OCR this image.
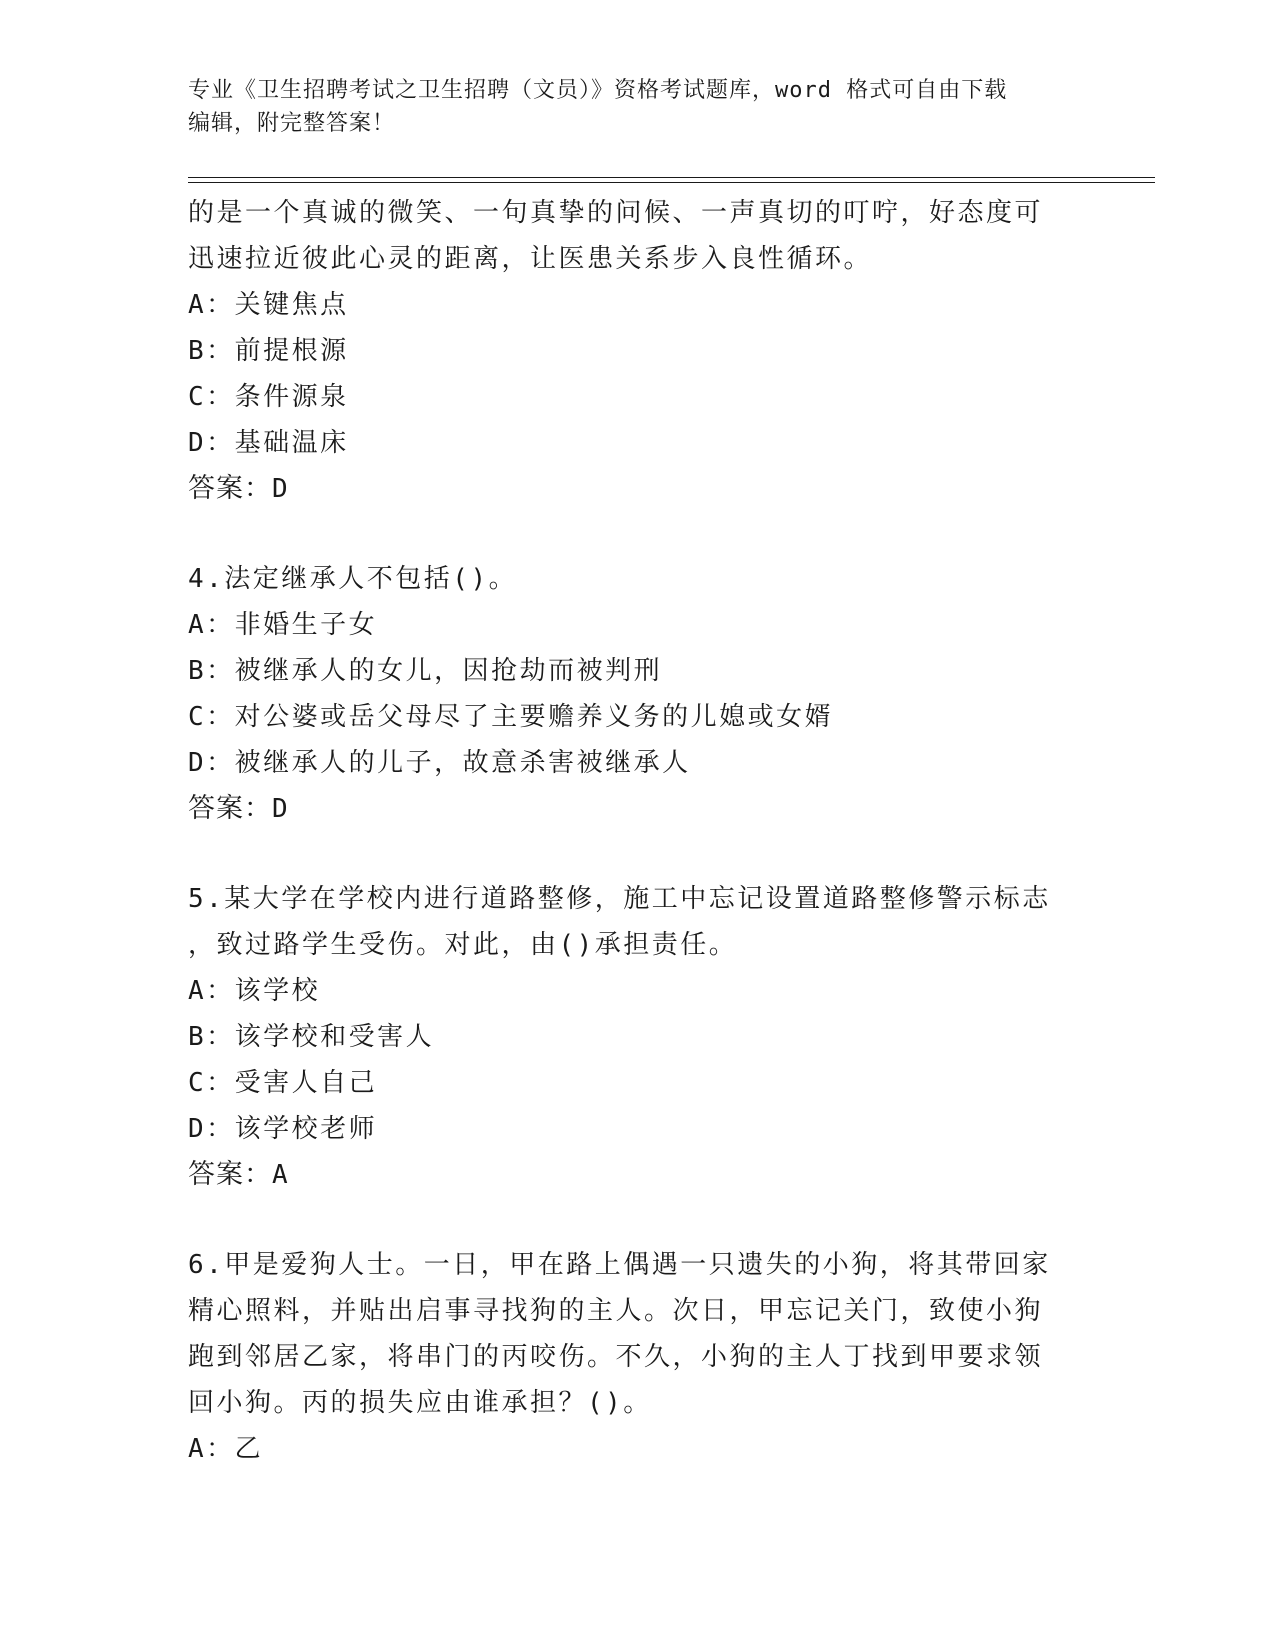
专业《卫生招聘考试之卫生招聘（文员）》资格考试题库，word 格式可自由下载
编辑，附完整答案！
的是一个真诚的微笑、一句真挚的问候、一声真切的叮咛，好态度可
迅速拉近彼此心灵的距离，让医患关系步入良性循环。
A：关键焦点
B：前提根源
C：条件源泉
D：基础温床
答案：D
4.法定继承人不包括()。
A：非婚生子女
B：被继承人的女儿，因抢劫而被判刑
C：对公婆或岳父母尽了主要赡养义务的儿媳或女婿
D：被继承人的儿子，故意杀害被继承人
答案：D
5.某大学在学校内进行道路整修，施工中忘记设置道路整修警示标志
，致过路学生受伤。对此，由()承担责任。
A：该学校
B：该学校和受害人
C：受害人自己
D：该学校老师
答案：A
6.甲是爱狗人士。一日，甲在路上偶遇一只遗失的小狗，将其带回家
精心照料，并贴出启事寻找狗的主人。次日，甲忘记关门，致使小狗
跑到邻居乙家，将串门的丙咬伤。不久，小狗的主人丁找到甲要求领
回小狗。丙的损失应由谁承担？()。
A：乙
